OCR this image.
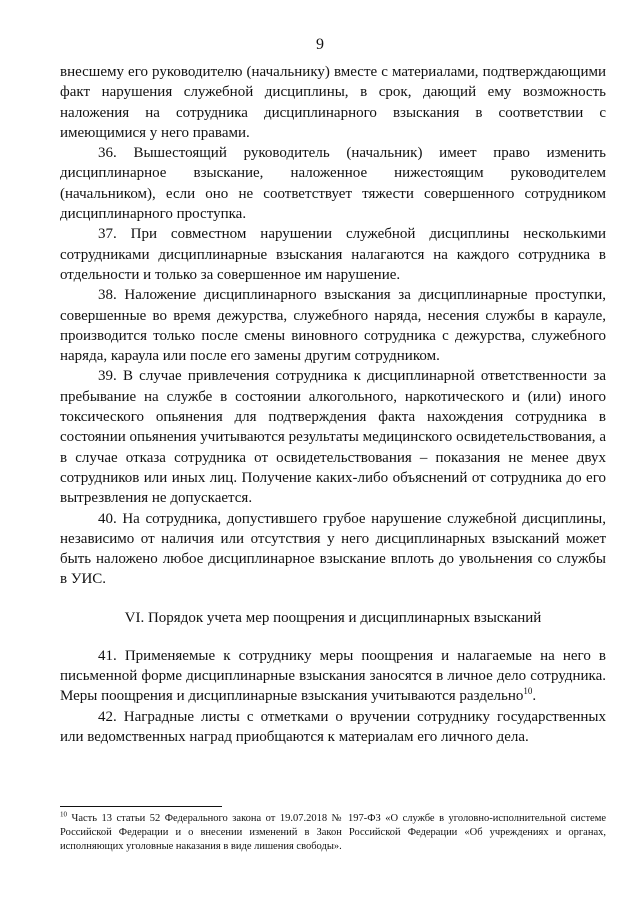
9

внесшему его руководителю (начальнику) вместе с материалами, подтверждающими факт нарушения служебной дисциплины, в срок, дающий ему возможность наложения на сотрудника дисциплинарного взыскания в соответствии с имеющимися у него правами.

36. Вышестоящий руководитель (начальник) имеет право изменить дисциплинарное взыскание, наложенное нижестоящим руководителем (начальником), если оно не соответствует тяжести совершенного сотрудником дисциплинарного проступка.

37. При совместном нарушении служебной дисциплины несколькими сотрудниками дисциплинарные взыскания налагаются на каждого сотрудника в отдельности и только за совершенное им нарушение.

38. Наложение дисциплинарного взыскания за дисциплинарные проступки, совершенные во время дежурства, служебного наряда, несения службы в карауле, производится только после смены виновного сотрудника с дежурства, служебного наряда, караула или после его замены другим сотрудником.

39. В случае привлечения сотрудника к дисциплинарной ответственности за пребывание на службе в состоянии алкогольного, наркотического и (или) иного токсического опьянения для подтверждения факта нахождения сотрудника в состоянии опьянения учитываются результаты медицинского освидетельствования, а в случае отказа сотрудника от освидетельствования – показания не менее двух сотрудников или иных лиц. Получение каких-либо объяснений от сотрудника до его вытрезвления не допускается.

40. На сотрудника, допустившего грубое нарушение служебной дисциплины, независимо от наличия или отсутствия у него дисциплинарных взысканий может быть наложено любое дисциплинарное взыскание вплоть до увольнения со службы в УИС.

VI. Порядок учета мер поощрения и дисциплинарных взысканий

41. Применяемые к сотруднику меры поощрения и налагаемые на него в письменной форме дисциплинарные взыскания заносятся в личное дело сотрудника. Меры поощрения и дисциплинарные взыскания учитываются раздельно$^{10}$.

42. Наградные листы с отметками о вручении сотруднику государственных или ведомственных наград приобщаются к материалам его личного дела.

$^{10}$ Часть 13 статьи 52 Федерального закона от 19.07.2018 № 197-ФЗ «О службе в уголовно-исполнительной системе Российской Федерации и о внесении изменений в Закон Российской Федерации «Об учреждениях и органах, исполняющих уголовные наказания в виде лишения свободы».
